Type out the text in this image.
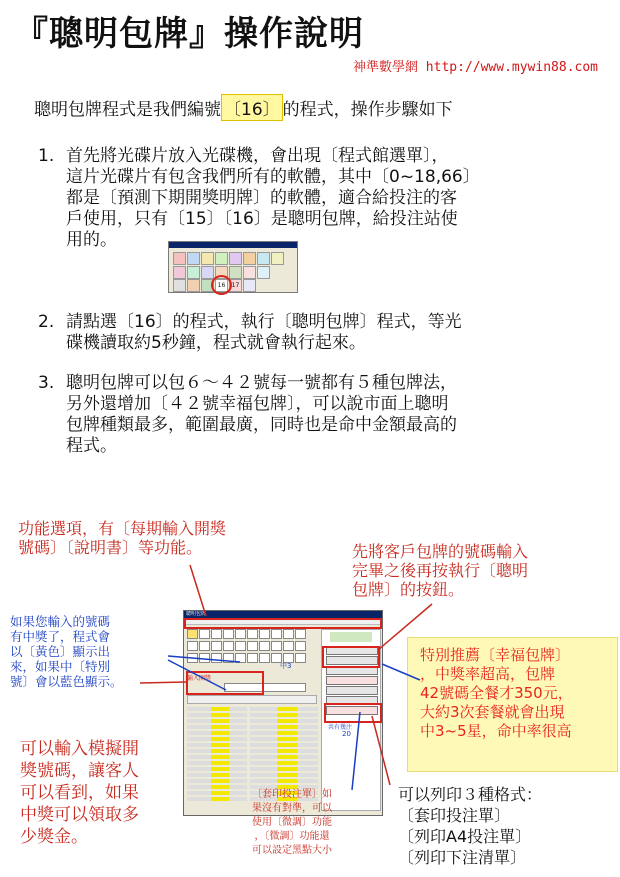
『聰明包牌』操作說明
神準數學網 http://www.mywin88.com
聰明包牌程式是我們編號 〔16〕 的程式，操作步驟如下
1. 首先將光碟片放入光碟機，會出現〔程式館選單〕，
這片光碟片有包含我們所有的軟體，其中〔0~18,66〕
都是〔預測下期開獎明牌〕的軟體，適合給投注的客
戶使用，只有〔15〕〔16〕是聰明包牌，給投注站使
用的。
16	17
2. 請點選〔16〕的程式，執行〔聰明包牌〕程式，等光
碟機讀取約5秒鐘，程式就會執行起來。
3. 聰明包牌可以包６～４２號每一號都有５種包牌法，
另外還增加〔４２號幸福包牌〕，可以說市面上聰明
包牌種類最多，範圍最廣，同時也是命中金額最高的
程式。
功能選項，有〔每期輸入開獎
號碼〕〔說明書〕等功能。	先將客戶包牌的號碼輸入
完畢之後再按執行〔聰明
包牌〕的按鈕。
如果您輸入的號碼
有中獎了，程式會
以〔黃色〕顯示出
來，如果中〔特別
號〕會以藍色顯示。
聰明包牌
輸入開獎
中3
共有幾注
20
特別推薦〔幸福包牌〕
，中獎率超高，包牌
42號碼全餐才350元，
大約3次套餐就會出現
中3~5星，命中率很高
可以輸入模擬開
獎號碼，讓客人
可以看到，如果
中獎可以領取多
少獎金。
〔套印投注單〕如
果沒有對準，可以
使用〔微調〕功能
，〔微調〕功能還
可以設定黑點大小
可以列印３種格式：
〔套印投注單〕
〔列印A4投注單〕
〔列印下注清單〕
